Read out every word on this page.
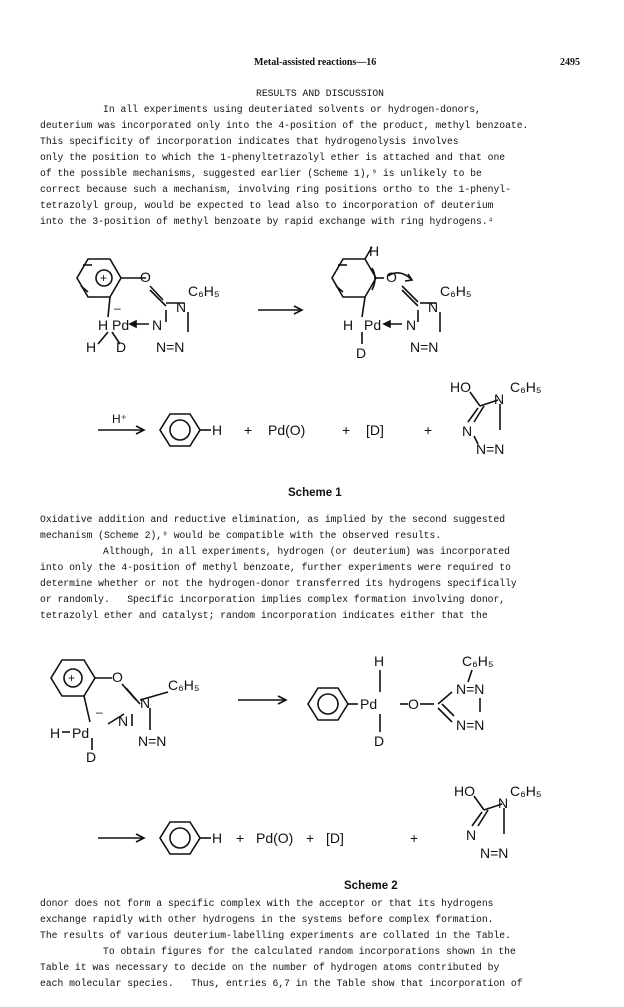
Metal-assisted reactions—16	2495
RESULTS AND DISCUSSION
In all experiments using deuteriated solvents or hydrogen-donors,
deuterium was incorporated only into the 4-position of the product, methyl benzoate.
This specificity of incorporation indicates that hydrogenolysis involves
only the position to which the 1-phenyltetrazolyl ether is attached and that one
of the possible mechanisms, suggested earlier (Scheme 1),⁹ is unlikely to be
correct because such a mechanism, involving ring positions ortho to the 1-phenyl-
tetrazolyl group, would be expected to lead also to incorporation of deuterium
into the 3-position of methyl benzoate by rapid exchange with ring hydrogens.⁴
+ O
N
C₆H₅
–
H Pd N
H D N=N
H
O
N
C₆H₅
H Pd N
D	N=N
H⁺
H + Pd(O)	+ [D]	+
HO
N
C₆H₅
N
N=N
Scheme 1
Oxidative addition and reductive elimination, as implied by the second suggested
mechanism (Scheme 2),⁹ would be compatible with the observed results.
Although, in all experiments, hydrogen (or deuterium) was incorporated
into only the 4-position of methyl benzoate, further experiments were required to
determine whether or not the hydrogen-donor transferred its hydrogens specifically
or randomly.   Specific incorporation implies complex formation involving donor,
tetrazolyl ether and catalyst; random incorporation indicates either that the
+	O
N
C₆H₅
–
N
H Pd
D
N=N
H	C₆H₅
Pd O
D
N=N
N=N
H + Pd(O) + [D]	+
HO
N
C₆H₅
N
N=N
Scheme 2
donor does not form a specific complex with the acceptor or that its hydrogens
exchange rapidly with other hydrogens in the systems before complex formation.
The results of various deuterium-labelling experiments are collated in the Table.
To obtain figures for the calculated random incorporations shown in the
Table it was necessary to decide on the number of hydrogen atoms contributed by
each molecular species.   Thus, entries 6,7 in the Table show that incorporation of
